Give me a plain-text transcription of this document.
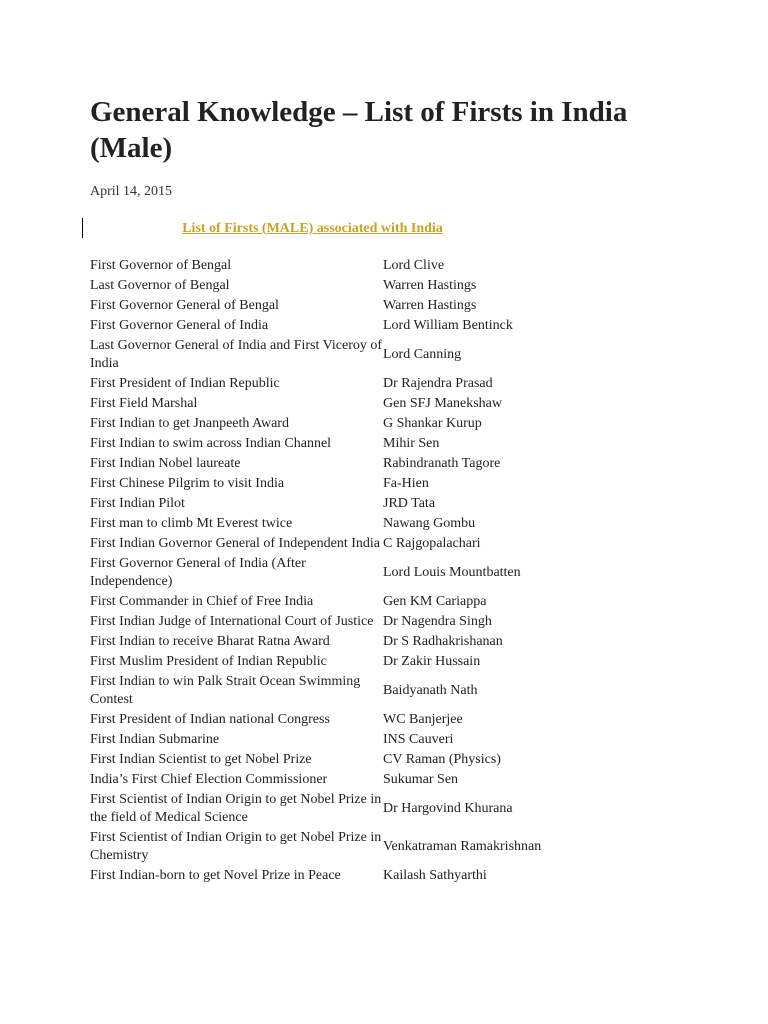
General Knowledge – List of Firsts in India (Male)
April 14, 2015
List of Firsts (MALE) associated with India
First Governor of Bengal	Lord Clive
Last Governor of Bengal	Warren Hastings
First Governor General of Bengal	Warren Hastings
First Governor General of India	Lord William Bentinck
Last Governor General of India and First Viceroy of India	Lord Canning
First President of Indian Republic	Dr Rajendra Prasad
First Field Marshal	Gen SFJ Manekshaw
First Indian to get Jnanpeeth Award	G Shankar Kurup
First Indian to swim across Indian Channel	Mihir Sen
First Indian Nobel laureate	Rabindranath Tagore
First Chinese Pilgrim to visit India	Fa-Hien
First Indian Pilot	JRD Tata
First man to climb Mt Everest twice	Nawang Gombu
First Indian Governor General of Independent India	C Rajgopalachari
First Governor General of India (After Independence)	Lord Louis Mountbatten
First Commander in Chief of Free India	Gen KM Cariappa
First Indian Judge of International Court of Justice	Dr Nagendra Singh
First Indian to receive Bharat Ratna Award	Dr S Radhakrishanan
First Muslim President of Indian Republic	Dr Zakir Hussain
First Indian to win Palk Strait Ocean Swimming Contest	Baidyanath Nath
First President of Indian national Congress	WC Banjerjee
First Indian Submarine	INS Cauveri
First Indian Scientist to get Nobel Prize	CV Raman (Physics)
India’s First Chief Election Commissioner	Sukumar Sen
First Scientist of Indian Origin to get Nobel Prize in the field of Medical Science	Dr Hargovind Khurana
First Scientist of Indian Origin to get Nobel Prize in Chemistry	Venkatraman Ramakrishnan
First Indian-born to get Novel Prize in Peace	Kailash Sathyarthi
